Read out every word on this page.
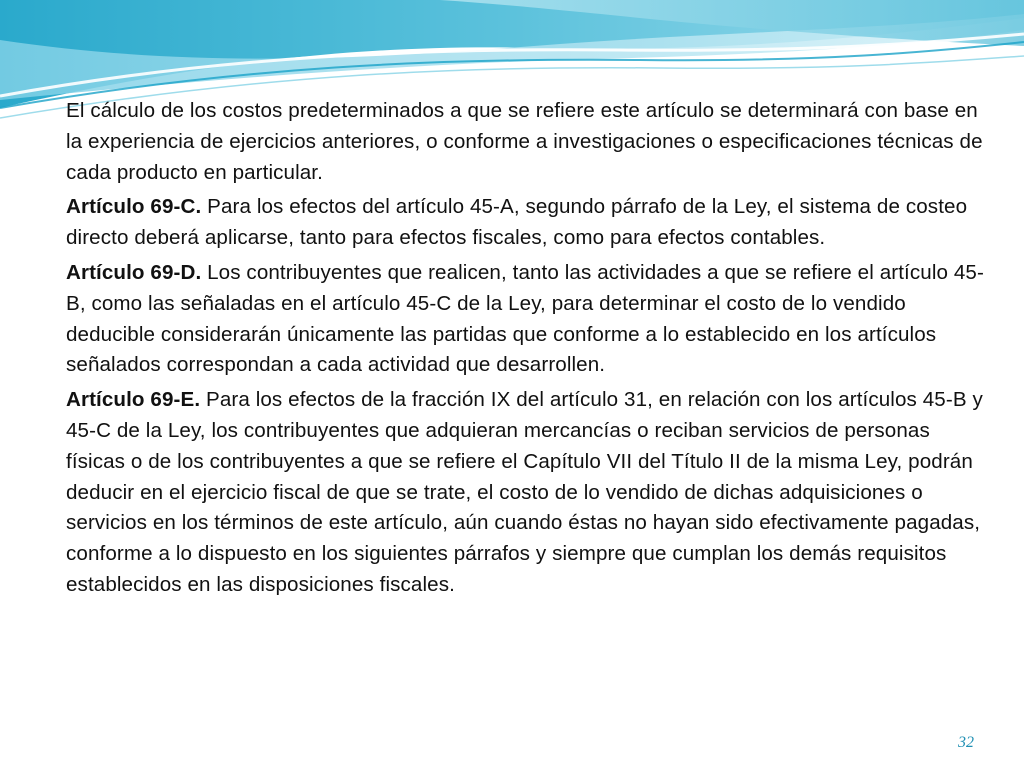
El cálculo de los costos predeterminados a que se refiere este artículo se determinará con base en la experiencia de ejercicios anteriores, o conforme a investigaciones o especificaciones técnicas de cada producto en particular.

Artículo 69-C. Para los efectos del artículo 45-A, segundo párrafo de la Ley, el sistema de costeo directo deberá aplicarse, tanto para efectos fiscales, como para efectos contables.

Artículo 69-D. Los contribuyentes que realicen, tanto las actividades a que se refiere el artículo 45-B, como las señaladas en el artículo 45-C de la Ley, para determinar el costo de lo vendido deducible considerarán únicamente las partidas que conforme a lo establecido en los artículos señalados correspondan a cada actividad que desarrollen.

Artículo 69-E. Para los efectos de la fracción IX del artículo 31, en relación con los artículos 45-B y 45-C de la Ley, los contribuyentes que adquieran mercancías o reciban servicios de personas físicas o de los contribuyentes a que se refiere el Capítulo VII del Título II de la misma Ley, podrán deducir en el ejercicio fiscal de que se trate, el costo de lo vendido de dichas adquisiciones o servicios en los términos de este artículo, aún cuando éstas no hayan sido efectivamente pagadas, conforme a lo dispuesto en los siguientes párrafos y siempre que cumplan los demás requisitos establecidos en las disposiciones fiscales.

32
